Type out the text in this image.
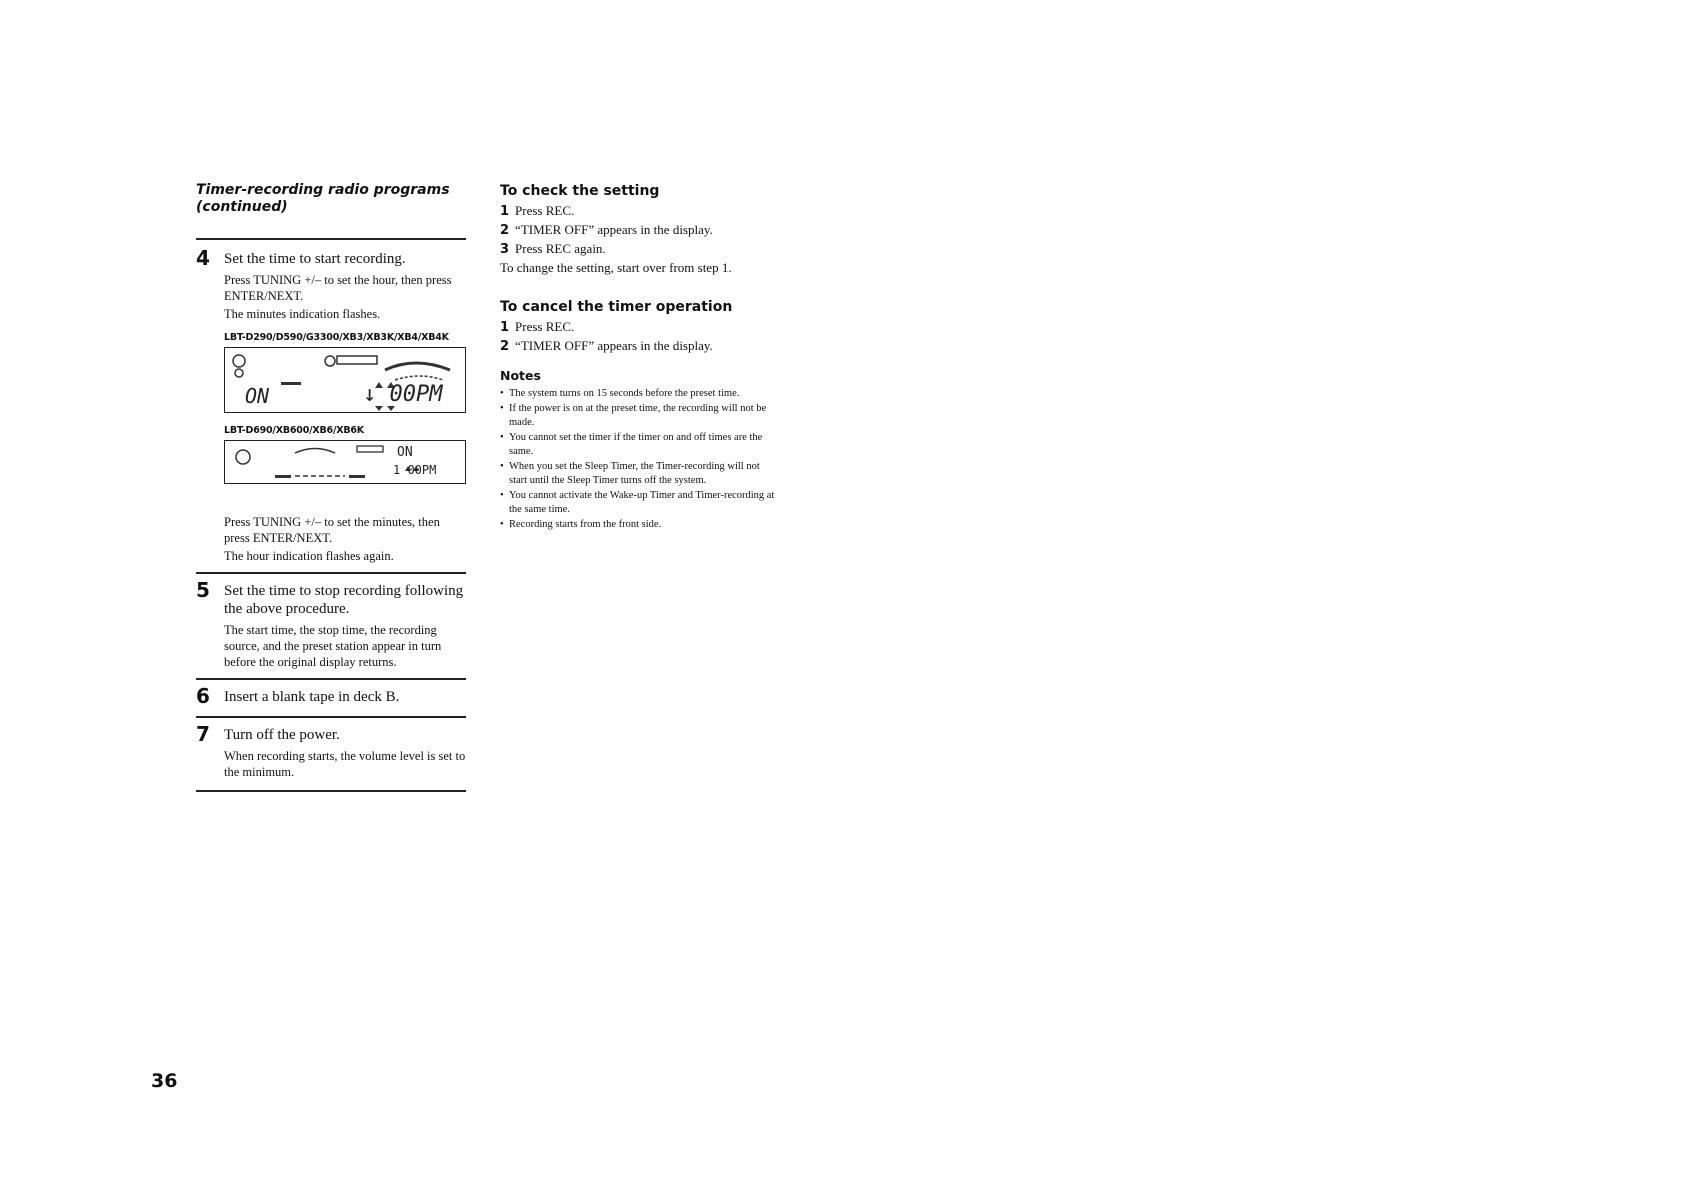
Timer-recording radio programs
(continued)
4 Set the time to start recording.
Press TUNING +/– to set the hour, then press ENTER/NEXT.
The minutes indication flashes.
LBT-D290/D590/G3300/XB3/XB3K/XB4/XB4K
ON	↓ 00PM
LBT-D690/XB600/XB6/XB6K
ON
1 00PM
Press TUNING +/– to set the minutes, then press ENTER/NEXT.
The hour indication flashes again.
5 Set the time to stop recording following the above procedure.
The start time, the stop time, the recording source, and the preset station appear in turn before the original display returns.
6 Insert a blank tape in deck B.
7 Turn off the power.
When recording starts, the volume level is set to the minimum.
To check the setting
1 Press REC.
2 “TIMER OFF” appears in the display.
3 Press REC again.
To change the setting, start over from step 1.
To cancel the timer operation
1 Press REC.
2 “TIMER OFF” appears in the display.
Notes
• The system turns on 15 seconds before the preset time.
• If the power is on at the preset time, the recording will not be made.
• You cannot set the timer if the timer on and off times are the same.
• When you set the Sleep Timer, the Timer-recording will not start until the Sleep Timer turns off the system.
• You cannot activate the Wake-up Timer and Timer-recording at the same time.
• Recording starts from the front side.
36
